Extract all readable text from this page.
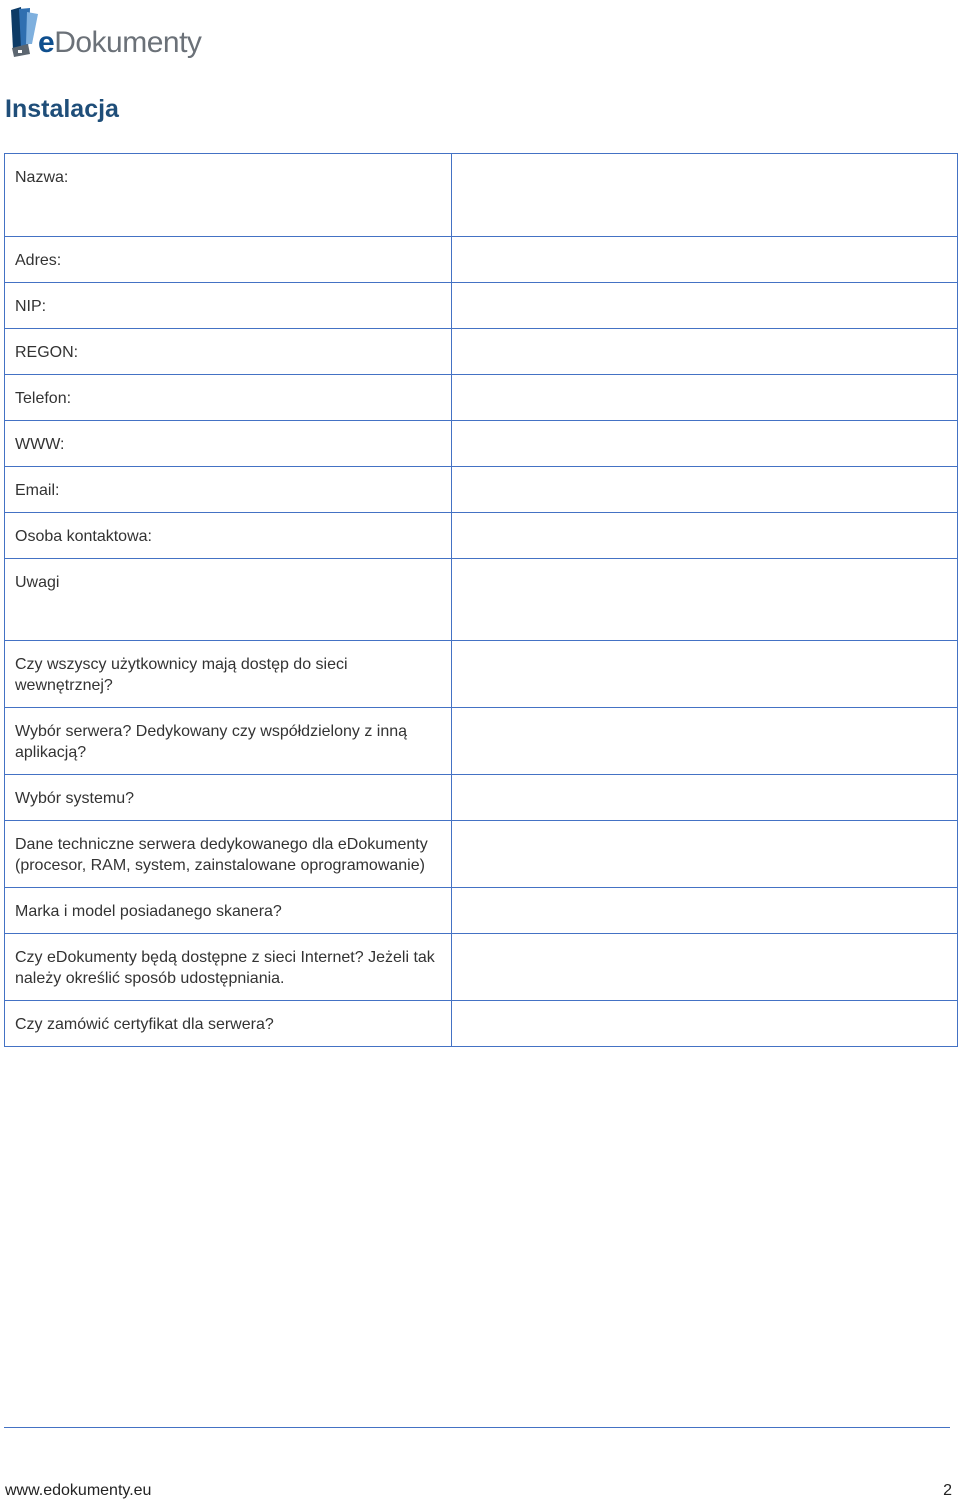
eDokumenty
Instalacja
Nazwa:	
Adres:	
NIP:	
REGON:	
Telefon:	
WWW:	
Email:	
Osoba kontaktowa:	
Uwagi	
Czy wszyscy użytkownicy mają dostęp do sieci wewnętrznej?	
Wybór serwera? Dedykowany czy współdzielony z inną aplikacją?	
Wybór systemu?	
Dane techniczne serwera dedykowanego dla eDokumenty (procesor, RAM, system, zainstalowane oprogramowanie)	
Marka i model posiadanego skanera?	
Czy eDokumenty będą dostępne z sieci Internet? Jeżeli tak należy określić sposób udostępniania.	
Czy zamówić certyfikat dla serwera?	
www.edokumenty.eu	2
